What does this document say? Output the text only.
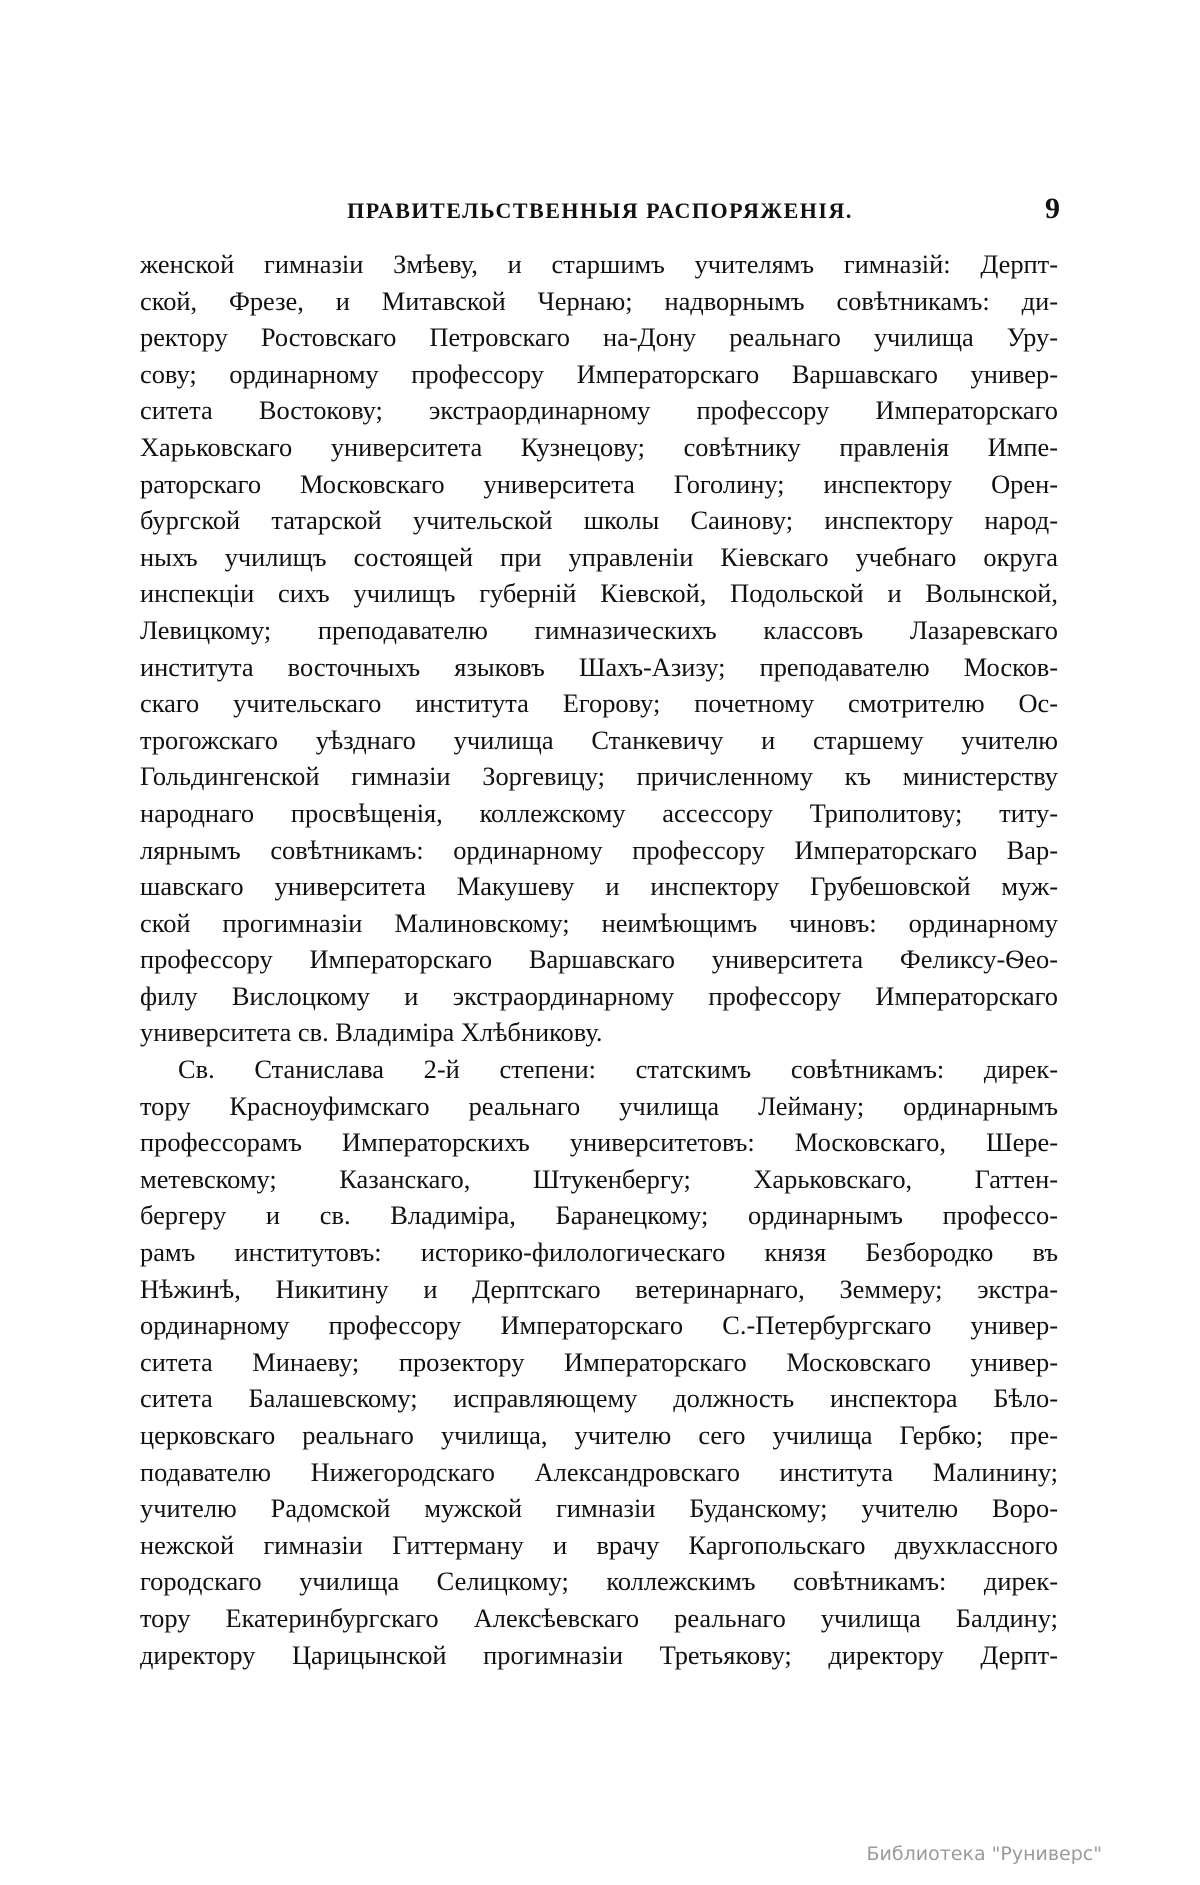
ПРАВИТЕЛЬСТВЕННЫЯ РАСПОРЯЖЕНІЯ.	9
женской гимназіи Змѣеву, и старшимъ учителямъ гимназій: Дерпт-
ской, Фрезе, и Митавской Чернаю; надворнымъ совѣтникамъ: ди-
ректору Ростовскаго Петровскаго на-Дону реальнаго училища Уру-
сову; ординарному профессору Императорскаго Варшавскаго универ-
ситета Востокову; экстраординарному профессору Императорскаго
Харьковскаго университета Кузнецову; совѣтнику правленія Импе-
раторскаго Московскаго университета Гоголину; инспектору Орен-
бургской татарской учительской школы Саинову; инспектору народ-
ныхъ училищъ состоящей при управленіи Кіевскаго учебнаго округа
инспекціи сихъ училищъ губерній Кіевской, Подольской и Волынской,
Левицкому; преподавателю гимназическихъ классовъ Лазаревскаго
института восточныхъ языковъ Шахъ-Азизу; преподавателю Москов-
скаго учительскаго института Егорову; почетному смотрителю Ос-
трогожскаго уѣзднаго училища Станкевичу и старшему учителю
Гольдингенской гимназіи Зоргевицу; причисленному къ министерству
народнаго просвѣщенія, коллежскому ассессору Триполитову; титу-
лярнымъ совѣтникамъ: ординарному профессору Императорскаго Вар-
шавскаго университета Макушеву и инспектору Грубешовской муж-
ской прогимназіи Малиновскому; неимѣющимъ чиновъ: ординарному
профессору Императорскаго Варшавскаго университета Феликсу-Ѳео-
филу Вислоцкому и экстраординарному профессору Императорскаго
университета св. Владиміра Хлѣбникову.
Св. Станислава 2-й степени: статскимъ совѣтникамъ: дирек-
тору Красноуфимскаго реальнаго училища Лейману; ординарнымъ
профессорамъ Императорскихъ университетовъ: Московскаго, Шере-
метевскому; Казанскаго, Штукенбергу; Харьковскаго, Гаттен-
бергеру и св. Владиміра, Баранецкому; ординарнымъ профессо-
рамъ институтовъ: историко-филологическаго князя Безбородко въ
Нѣжинѣ, Никитину и Дерптскаго ветеринарнаго, Земмеру; экстра-
ординарному профессору Императорскаго С.-Петербургскаго универ-
ситета Минаеву; прозектору Императорскаго Московскаго универ-
ситета Балашевскому; исправляющему должность инспектора Бѣло-
церковскаго реальнаго училища, учителю сего училища Гербко; пре-
подавателю Нижегородскаго Александровскаго института Малинину;
учителю Радомской мужской гимназіи Буданскому; учителю Воро-
нежской гимназіи Гиттерману и врачу Каргопольскаго двухклассного
городскаго училища Селицкому; коллежскимъ совѣтникамъ: дирек-
тору Екатеринбургскаго Алексѣевскаго реальнаго училища Балдину;
директору Царицынской прогимназіи Третьякову; директору Дерпт-
Библиотека "Руниверс"
